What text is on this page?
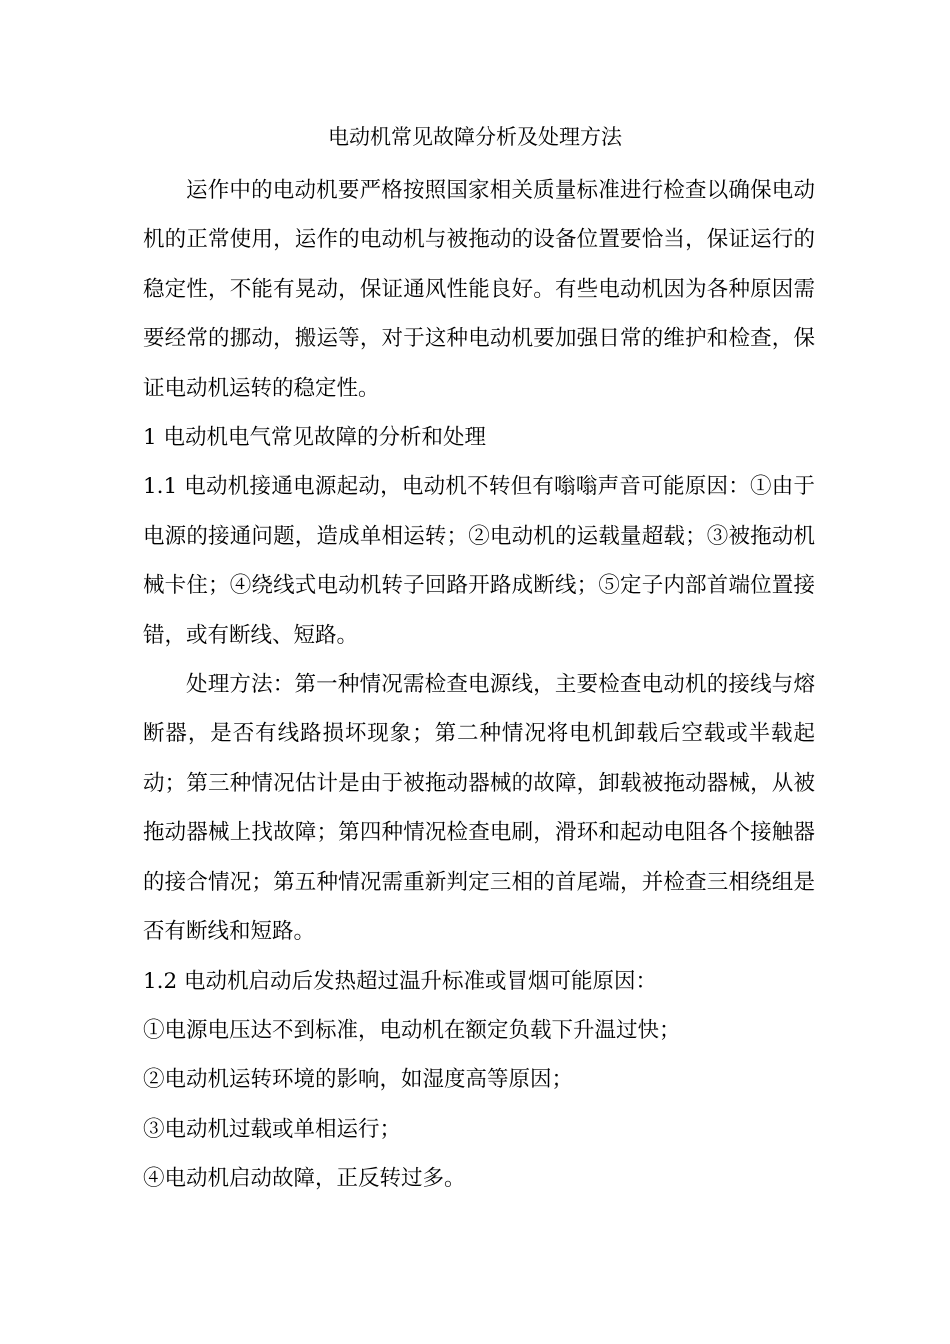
电动机常见故障分析及处理方法

运作中的电动机要严格按照国家相关质量标准进行检查以确保电动机的正常使用，运作的电动机与被拖动的设备位置要恰当，保证运行的稳定性，不能有晃动，保证通风性能良好。有些电动机因为各种原因需要经常的挪动，搬运等，对于这种电动机要加强日常的维护和检查，保证电动机运转的稳定性。

1 电动机电气常见故障的分析和处理

1.1 电动机接通电源起动，电动机不转但有嗡嗡声音可能原因：①由于电源的接通问题，造成单相运转；②电动机的运载量超载；③被拖动机械卡住；④绕线式电动机转子回路开路成断线；⑤定子内部首端位置接错，或有断线、短路。

处理方法：第一种情况需检查电源线，主要检查电动机的接线与熔断器，是否有线路损坏现象；第二种情况将电机卸载后空载或半载起动；第三种情况估计是由于被拖动器械的故障，卸载被拖动器械，从被拖动器械上找故障；第四种情况检查电刷，滑环和起动电阻各个接触器的接合情况；第五种情况需重新判定三相的首尾端，并检查三相绕组是否有断线和短路。

1.2 电动机启动后发热超过温升标准或冒烟可能原因：

①电源电压达不到标准，电动机在额定负载下升温过快；

②电动机运转环境的影响，如湿度高等原因；

③电动机过载或单相运行；

④电动机启动故障，正反转过多。
